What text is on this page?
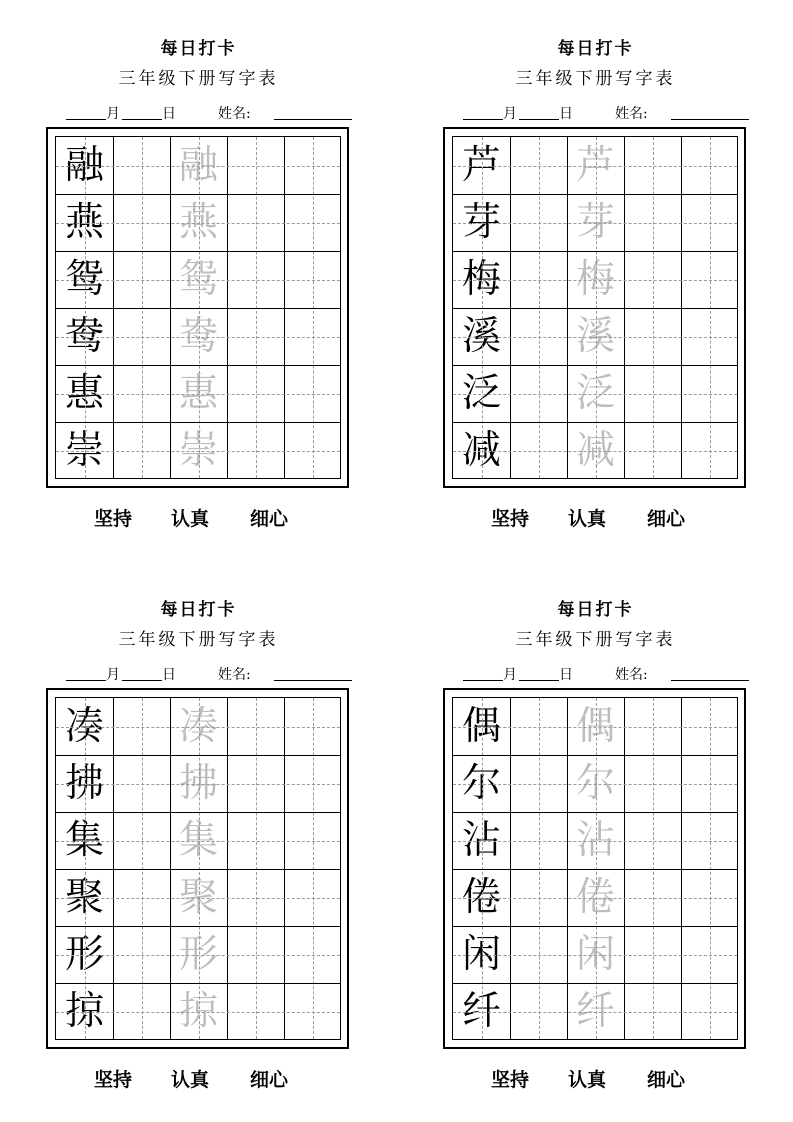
每日打卡
三年级下册写字表
月	日	姓名:
融 融
燕 燕
鸳 鸳
鸯 鸯
惠 惠
崇 崇
坚持 认真 细心
每日打卡
三年级下册写字表
月	日	姓名:
芦 芦
芽 芽
梅 梅
溪 溪
泛 泛
减 减
坚持 认真 细心
每日打卡
三年级下册写字表
月	日	姓名:
凑 凑
拂 拂
集 集
聚 聚
形 形
掠 掠
坚持 认真 细心
每日打卡
三年级下册写字表
月	日	姓名:
偶 偶
尔 尔
沾 沾
倦 倦
闲 闲
纤 纤
坚持 认真 细心
